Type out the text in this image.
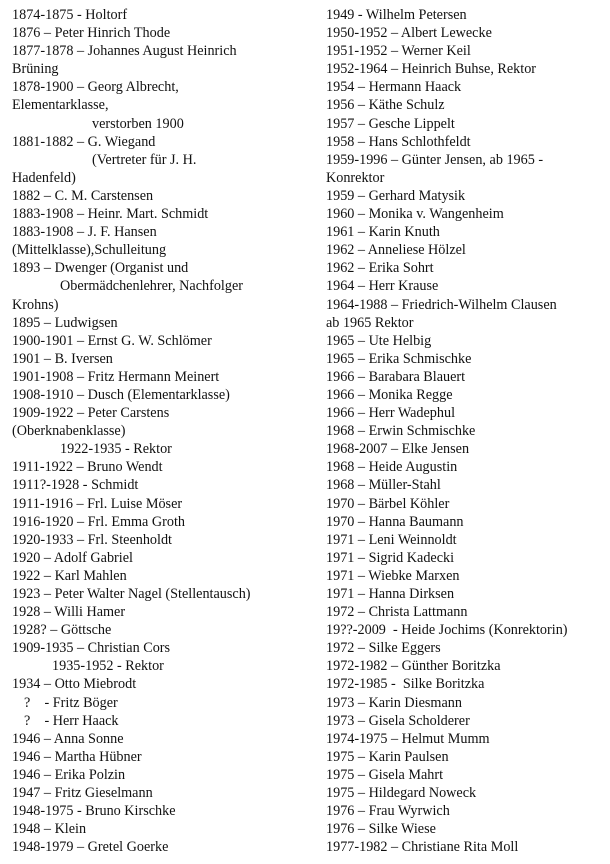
1874-1875 - Holtorf
1876 – Peter Hinrich Thode
1877-1878 – Johannes August Heinrich
Brüning
1878-1900 – Georg Albrecht,
Elementarklasse,
verstorben 1900
1881-1882 – G. Wiegand
(Vertreter für J. H.
Hadenfeld)
1882 – C. M. Carstensen
1883-1908 – Heinr. Mart. Schmidt
1883-1908 – J. F. Hansen
(Mittelklasse),Schulleitung
1893 – Dwenger (Organist und
Obermädchenlehrer, Nachfolger
Krohns)
1895 – Ludwigsen
1900-1901 – Ernst G. W. Schlömer
1901 – B. Iversen
1901-1908 – Fritz Hermann Meinert
1908-1910 – Dusch (Elementarklasse)
1909-1922 – Peter Carstens
(Oberknabenklasse)
1922-1935 - Rektor
1911-1922 – Bruno Wendt
1911?-1928 - Schmidt
1911-1916 – Frl. Luise Möser
1916-1920 – Frl. Emma Groth
1920-1933 – Frl. Steenholdt
1920 – Adolf Gabriel
1922 – Karl Mahlen
1923 – Peter Walter Nagel (Stellentausch)
1928 – Willi Hamer
1928? – Göttsche
1909-1935 – Christian Cors
1935-1952 - Rektor
1934 – Otto Miebrodt
?    - Fritz Böger
?    - Herr Haack
1946 – Anna Sonne
1946 – Martha Hübner
1946 – Erika Polzin
1947 – Fritz Gieselmann
1948-1975 - Bruno Kirschke
1948 – Klein
1948-1979 – Gretel Goerke
1949 - Wilhelm Petersen
1950-1952 – Albert Lewecke
1951-1952 – Werner Keil
1952-1964 – Heinrich Buhse, Rektor
1954 – Hermann Haack
1956 – Käthe Schulz
1957 – Gesche Lippelt
1958 – Hans Schlothfeldt
1959-1996 – Günter Jensen, ab 1965 -
Konrektor
1959 – Gerhard Matysik
1960 – Monika v. Wangenheim
1961 – Karin Knuth
1962 – Anneliese Hölzel
1962 – Erika Sohrt
1964 – Herr Krause
1964-1988 – Friedrich-Wilhelm Clausen
ab 1965 Rektor
1965 – Ute Helbig
1965 – Erika Schmischke
1966 – Barabara Blauert
1966 – Monika Regge
1966 – Herr Wadephul
1968 – Erwin Schmischke
1968-2007 – Elke Jensen
1968 – Heide Augustin
1968 – Müller-Stahl
1970 – Bärbel Köhler
1970 – Hanna Baumann
1971 – Leni Weinnoldt
1971 – Sigrid Kadecki
1971 – Wiebke Marxen
1971 – Hanna Dirksen
1972 – Christa Lattmann
19??-2009  - Heide Jochims (Konrektorin)
1972 – Silke Eggers
1972-1982 – Günther Boritzka
1972-1985 -  Silke Boritzka
1973 – Karin Diesmann
1973 – Gisela Scholderer
1974-1975 – Helmut Mumm
1975 – Karin Paulsen
1975 – Gisela Mahrt
1975 – Hildegard Noweck
1976 – Frau Wyrwich
1976 – Silke Wiese
1977-1982 – Christiane Rita Moll
